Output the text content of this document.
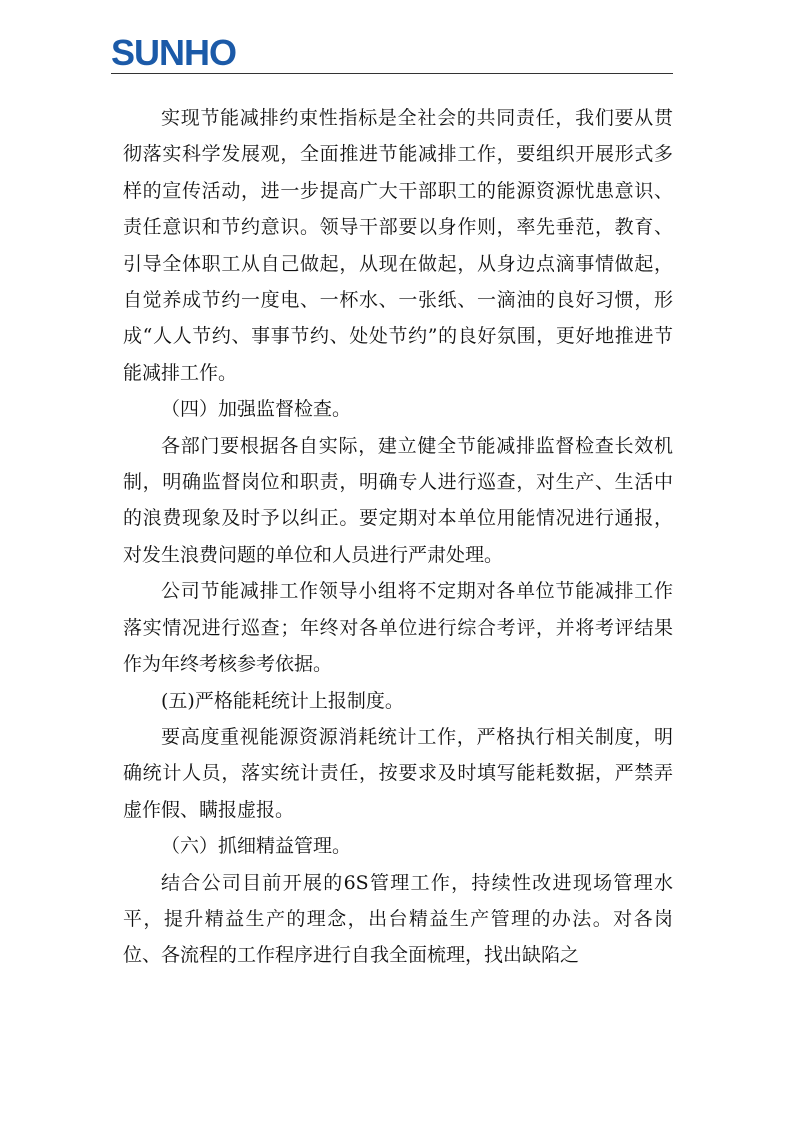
SUNHO

实现节能减排约束性指标是全社会的共同责任，我们要从贯彻落实科学发展观，全面推进节能减排工作，要组织开展形式多样的宣传活动，进一步提高广大干部职工的能源资源忧患意识、责任意识和节约意识。领导干部要以身作则，率先垂范，教育、引导全体职工从自己做起，从现在做起，从身边点滴事情做起，自觉养成节约一度电、一杯水、一张纸、一滴油的良好习惯，形成“人人节约、事事节约、处处节约”的良好氛围，更好地推进节能减排工作。

（四）加强监督检查。

各部门要根据各自实际，建立健全节能减排监督检查长效机制，明确监督岗位和职责，明确专人进行巡查，对生产、生活中的浪费现象及时予以纠正。要定期对本单位用能情况进行通报，对发生浪费问题的单位和人员进行严肃处理。

公司节能减排工作领导小组将不定期对各单位节能减排工作落实情况进行巡查；年终对各单位进行综合考评，并将考评结果作为年终考核参考依据。

(五)严格能耗统计上报制度。

要高度重视能源资源消耗统计工作，严格执行相关制度，明确统计人员，落实统计责任，按要求及时填写能耗数据，严禁弄虚作假、瞒报虚报。

（六）抓细精益管理。

结合公司目前开展的6S管理工作，持续性改进现场管理水平，提升精益生产的理念，出台精益生产管理的办法。对各岗位、各流程的工作程序进行自我全面梳理，找出缺陷之
